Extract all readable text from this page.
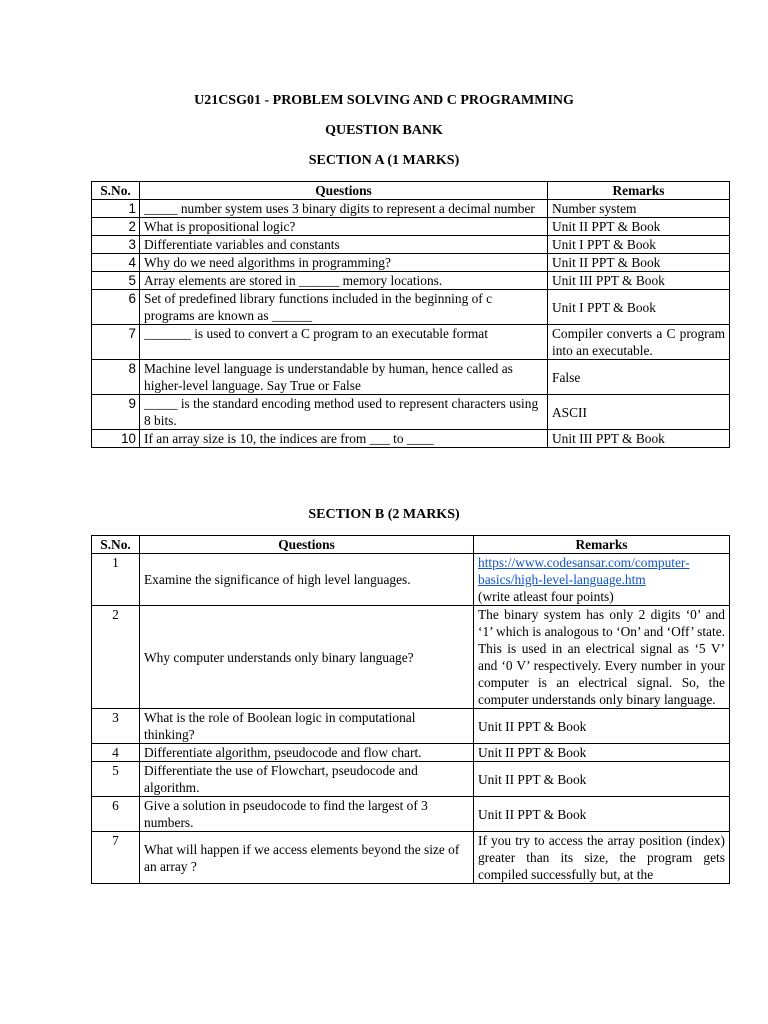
U21CSG01 - PROBLEM SOLVING AND C PROGRAMMING
QUESTION BANK
SECTION A (1 MARKS)
S.No.	Questions	Remarks
1	_____ number system uses 3 binary digits to represent a decimal number	Number system
2	What is propositional logic?	Unit II PPT & Book
3	Differentiate variables and constants	Unit I PPT & Book
4	Why do we need algorithms in programming?	Unit II PPT & Book
5	Array elements are stored in ______ memory locations.	Unit III PPT & Book
6	Set of predefined library functions included in the beginning of c programs are known as ______	Unit I PPT & Book
7	_______ is used to convert a C program to an executable format	Compiler converts a C program into an executable.
8	Machine level language is understandable by human, hence called as higher-level language. Say True or False	False
9	_____ is the standard encoding method used to represent characters using 8 bits.	ASCII
10	If an array size is 10, the indices are from ___ to ____	Unit III PPT & Book
SECTION B (2 MARKS)
S.No.	Questions	Remarks
1	Examine the significance of high level languages.	https://www.codesansar.com/computer-basics/high-level-language.htm
(write atleast four points)
2	Why computer understands only binary language?	The binary system has only 2 digits ‘0’ and ‘1’ which is analogous to ‘On’ and ‘Off’ state. This is used in an electrical signal as ‘5 V’ and ‘0 V’ respectively. Every number in your computer is an electrical signal. So, the computer understands only binary language.
3	What is the role of Boolean logic in computational thinking?	Unit II PPT & Book
4	Differentiate algorithm, pseudocode and flow chart.	Unit II PPT & Book
5	Differentiate the use of Flowchart, pseudocode and algorithm.	Unit II PPT & Book
6	Give a solution in pseudocode to find the largest of 3 numbers.	Unit II PPT & Book
7	What will happen if we access elements beyond the size of an array ?	If you try to access the array position (index) greater than its size, the program gets compiled successfully but, at the
